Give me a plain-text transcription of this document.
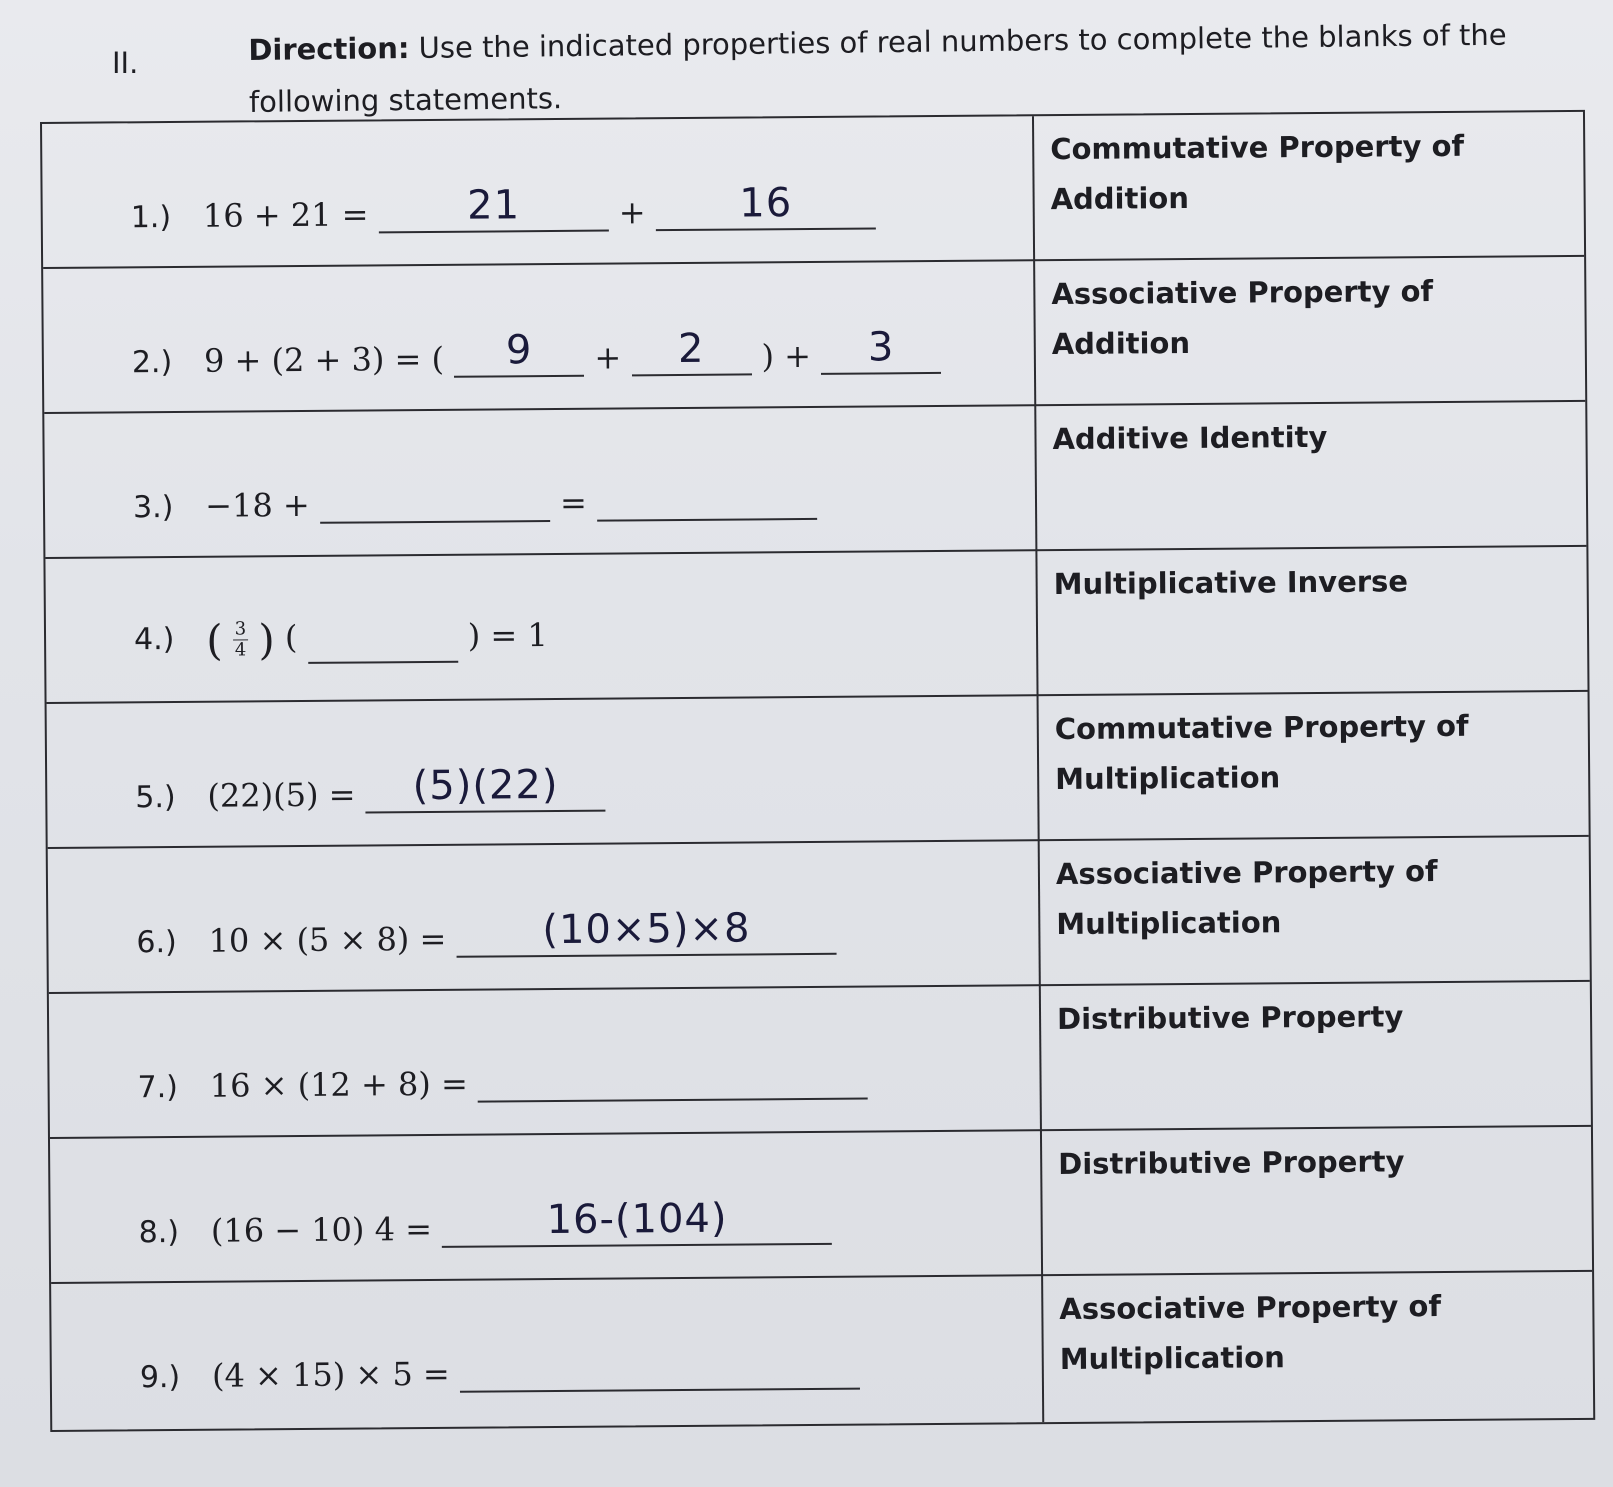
II.	Direction: Use the indicated properties of real numbers to complete the blanks of the following statements.
1.) 16 + 21 =	21	+	16
Commutative Property of Addition
2.) 9 + (2 + 3) = (	9	+	2	) +	3
Associative Property of Addition
3.) −18 +	=
Additive Identity
4.) ( $\frac{3}{4}$ ) (	) = 1
Multiplicative Inverse
5.) (22)(5) =	(5)(22)
Commutative Property of Multiplication
6.) 10 × (5 × 8) =	(10×5)×8
Associative Property of Multiplication
7.) 16 × (12 + 8) =
Distributive Property
8.) (16 − 10) 4 =	16-(104)
Distributive Property
9.) (4 × 15) × 5 =
Associative Property of Multiplication
